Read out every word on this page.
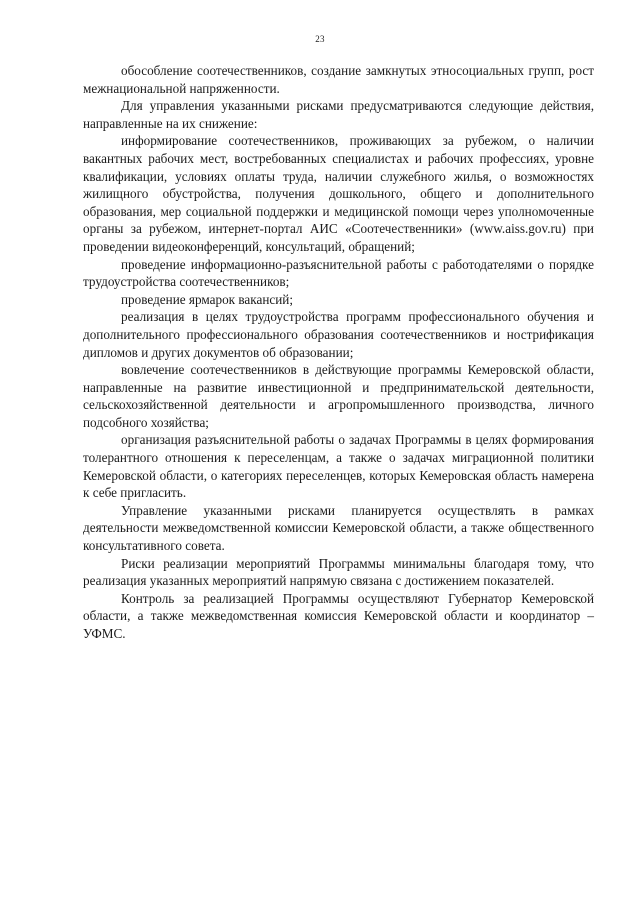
23

обособление соотечественников, создание замкнутых этносоциальных групп, рост межнациональной напряженности.

Для управления указанными рисками предусматриваются следующие действия, направленные на их снижение:

информирование соотечественников, проживающих за рубежом, о наличии вакантных рабочих мест, востребованных специалистах и рабочих профессиях, уровне квалификации, условиях оплаты труда, наличии служебного жилья, о возможностях жилищного обустройства, получения дошкольного, общего и дополнительного образования, мер социальной поддержки и медицинской помощи через уполномоченные органы за рубежом, интернет-портал АИС «Соотечественники» (www.aiss.gov.ru) при проведении видеоконференций, консультаций, обращений;

проведение информационно-разъяснительной работы с работодателями о порядке трудоустройства соотечественников;

проведение ярмарок вакансий;

реализация в целях трудоустройства программ профессионального обучения и дополнительного профессионального образования соотечественников и нострификация дипломов и других документов об образовании;

вовлечение соотечественников в действующие программы Кемеровской области, направленные на развитие инвестиционной и предпринимательской деятельности, сельскохозяйственной деятельности и агропромышленного производства, личного подсобного хозяйства;

организация разъяснительной работы о задачах Программы в целях формирования толерантного отношения к переселенцам, а также о задачах миграционной политики Кемеровской области, о категориях переселенцев, которых Кемеровская область намерена к себе пригласить.

Управление указанными рисками планируется осуществлять в рамках деятельности межведомственной комиссии Кемеровской области, а также общественного консультативного совета.

Риски реализации мероприятий Программы минимальны благодаря тому, что реализация указанных мероприятий напрямую связана с достижением показателей.

Контроль за реализацией Программы осуществляют Губернатор Кемеровской области, а также межведомственная комиссия Кемеровской области и координатор – УФМС.
